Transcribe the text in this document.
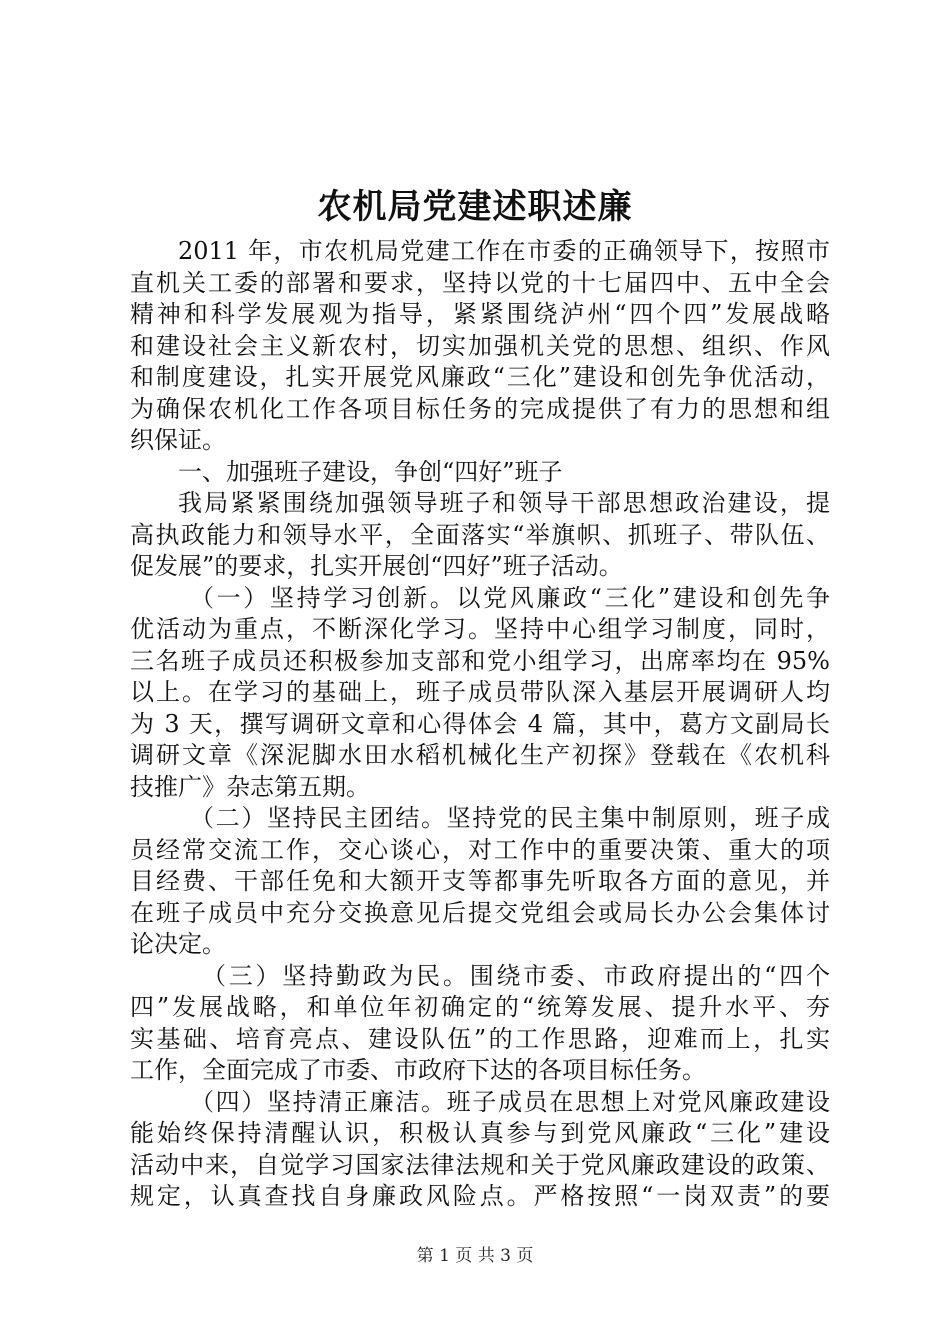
农机局党建述职述廉
2011 年，市农机局党建工作在市委的正确领导下，按照市
直机关工委的部署和要求，坚持以党的十七届四中、五中全会
精神和科学发展观为指导，紧紧围绕泸州“四个四”发展战略
和建设社会主义新农村，切实加强机关党的思想、组织、作风
和制度建设，扎实开展党风廉政“三化”建设和创先争优活动，
为确保农机化工作各项目标任务的完成提供了有力的思想和组
织保证。
一、加强班子建设，争创“四好”班子
我局紧紧围绕加强领导班子和领导干部思想政治建设，提
高执政能力和领导水平，全面落实“举旗帜、抓班子、带队伍、
促发展”的要求，扎实开展创“四好”班子活动。
（一）坚持学习创新。以党风廉政“三化”建设和创先争
优活动为重点，不断深化学习。坚持中心组学习制度，同时，
三名班子成员还积极参加支部和党小组学习，出席率均在 95%
以上。在学习的基础上，班子成员带队深入基层开展调研人均
为 3 天，撰写调研文章和心得体会 4 篇，其中，葛方文副局长
调研文章《深泥脚水田水稻机械化生产初探》登载在《农机科
技推广》杂志第五期。
（二）坚持民主团结。坚持党的民主集中制原则，班子成
员经常交流工作，交心谈心，对工作中的重要决策、重大的项
目经费、干部任免和大额开支等都事先听取各方面的意见，并
在班子成员中充分交换意见后提交党组会或局长办公会集体讨
论决定。
（三）坚持勤政为民。围绕市委、市政府提出的“四个
四”发展战略，和单位年初确定的“统筹发展、提升水平、夯
实基础、培育亮点、建设队伍”的工作思路，迎难而上，扎实
工作，全面完成了市委、市政府下达的各项目标任务。
（四）坚持清正廉洁。班子成员在思想上对党风廉政建设
能始终保持清醒认识，积极认真参与到党风廉政“三化”建设
活动中来，自觉学习国家法律法规和关于党风廉政建设的政策、
规定，认真查找自身廉政风险点。严格按照“一岗双责”的要
第 1 页 共 3 页
